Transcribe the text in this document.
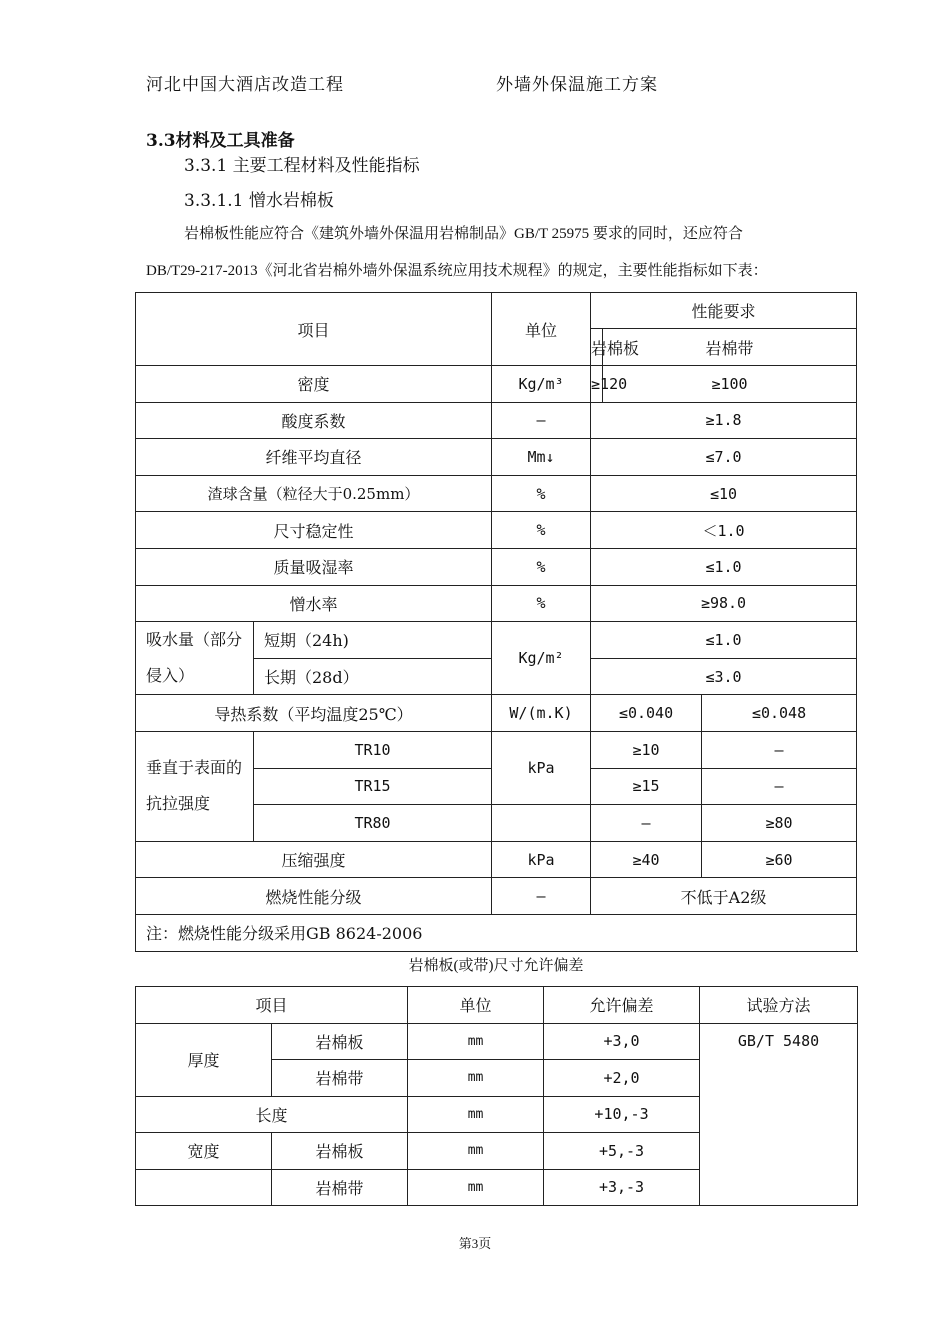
河北中国大酒店改造工程	外墙外保温施工方案
3.3材料及工具准备
3.3.1 主要工程材料及性能指标
3.3.1.1 憎水岩棉板
岩棉板性能应符合《建筑外墙外保温用岩棉制品》GB/T 25975 要求的同时，还应符合
DB/T29-217-2013《河北省岩棉外墙外保温系统应用技术规程》的规定，主要性能指标如下表：
项目		单位	性能要求	
			岩棉板	岩棉带		
密度		Kg/m³	≥120	≥100	
酸度系数		—	≥1.8	
纤维平均直径		Mm↓	≤7.0	
渣球含量（粒径大于0.25mm）		%	≤10	
尺寸稳定性		%	＜1.0	
质量吸湿率		%	≤1.0	
憎水率		%	≥98.0	
吸水量（部分侵入）	短期（24h)	Kg/m²	≤1.0	
	长期（28d）		≤3.0	
导热系数（平均温度25℃）		W/(m.K)	≤0.040		≤0.048	
垂直于表面的抗拉强度	TR10	kPa	≥10		—	
	TR15		≥15		—	
	TR80		—		≥80	
压缩强度		kPa	≥40		≥60	
燃烧性能分级		—	不低于A2级	
注：燃烧性能分级采用GB 8624-2006						
岩棉板(或带)尺寸允许偏差
项目		单位	允许偏差	试验方法
厚度	岩棉板	mm	+3,0	GB/T 5480
	岩棉带	mm	+2,0	
长度		mm	+10,-3	
宽度	岩棉板	mm	+5,-3	
	岩棉带	mm	+3,-3	
第3页
